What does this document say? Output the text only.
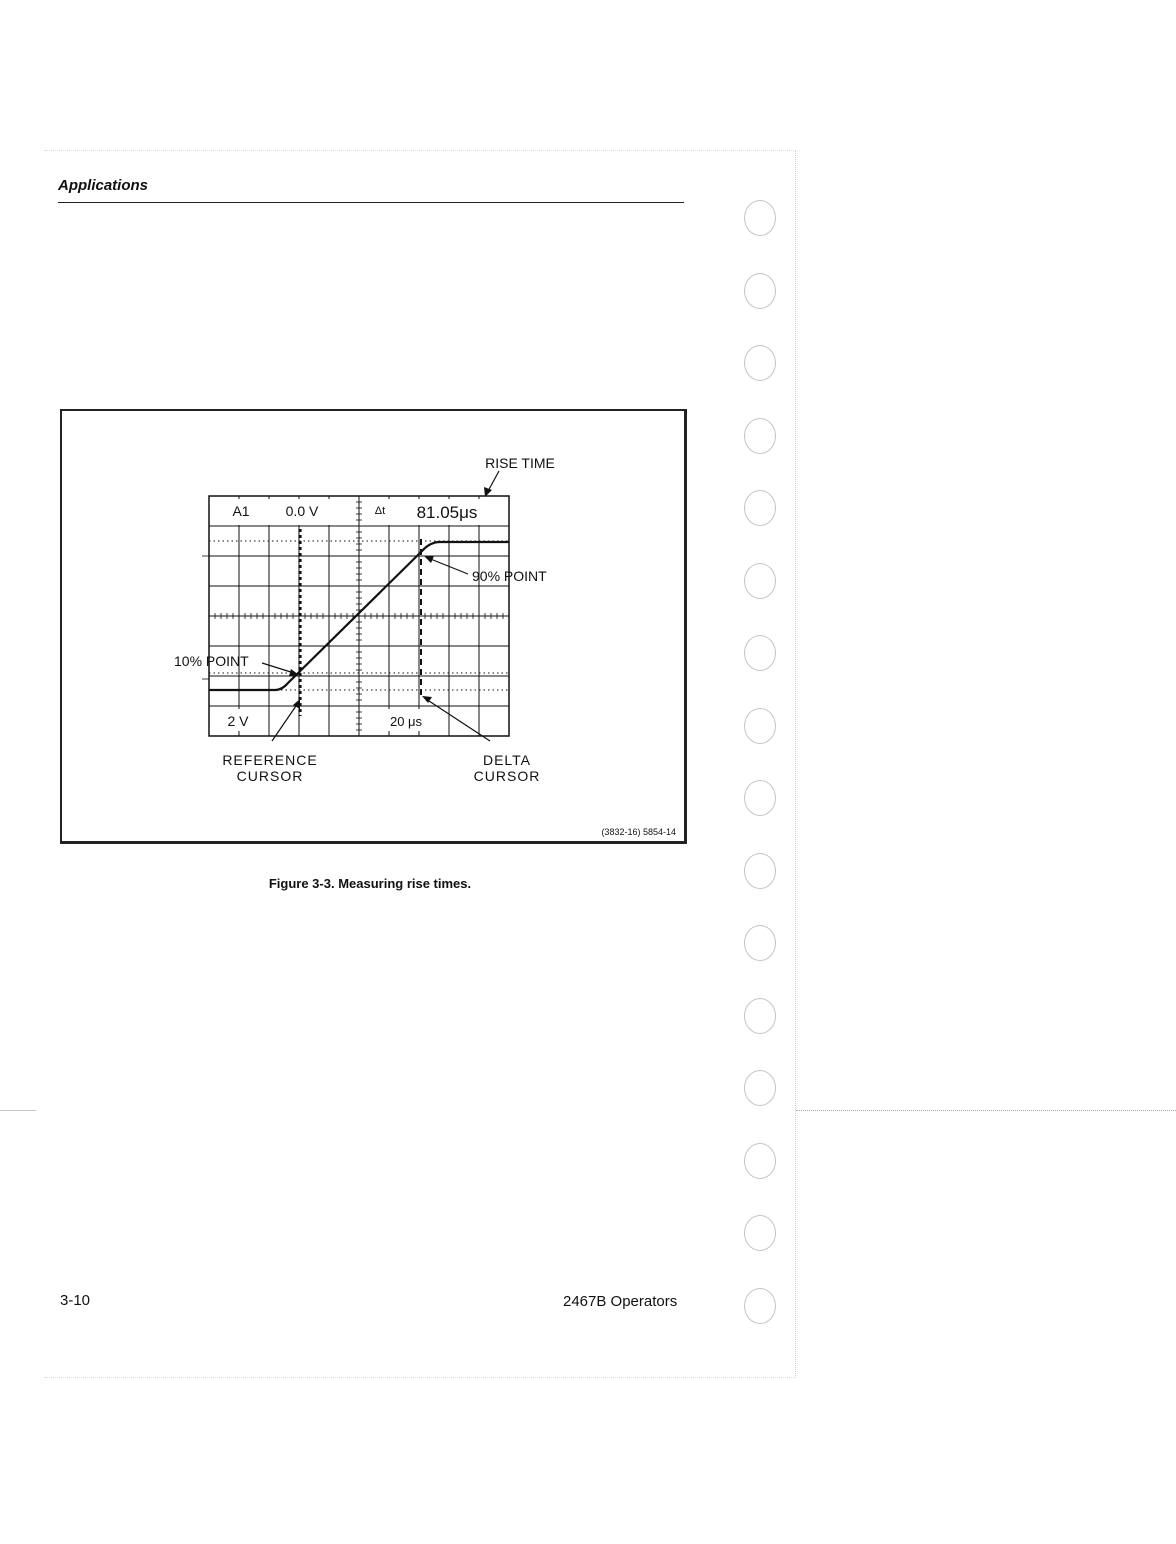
Applications
A1	0.0 V	Δt 81.05μs
2 V	20 μs
RISE TIME
90% POINT
10% POINT
REFERENCE
CURSOR
DELTA
CURSOR
(3832-16) 5854-14
Figure 3-3. Measuring rise times.
3-10	2467B Operators
